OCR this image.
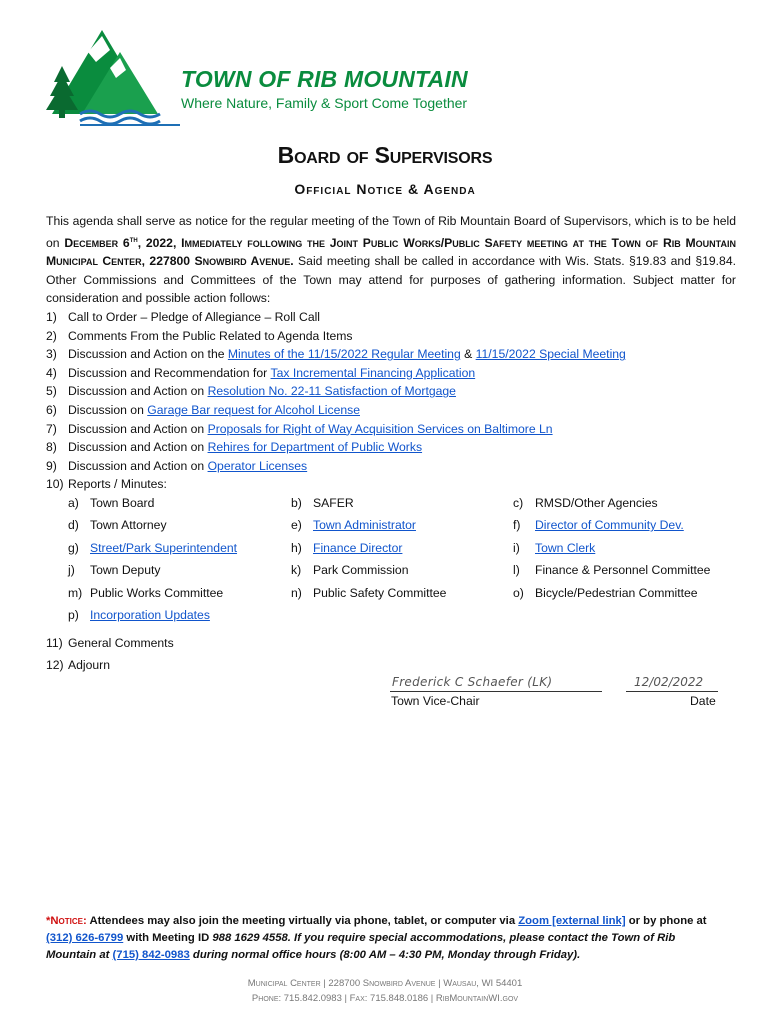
TOWN OF RIB MOUNTAIN
Where Nature, Family & Sport Come Together
Board of Supervisors
Official Notice & Agenda
This agenda shall serve as notice for the regular meeting of the Town of Rib Mountain Board of Supervisors, which is to be held on December 6th, 2022, Immediately following the Joint Public Works/Public Safety meeting at the Town of Rib Mountain Municipal Center, 227800 Snowbird Avenue. Said meeting shall be called in accordance with Wis. Stats. §19.83 and §19.84. Other Commissions and Committees of the Town may attend for purposes of gathering information. Subject matter for consideration and possible action follows:
1) Call to Order – Pledge of Allegiance – Roll Call
2) Comments From the Public Related to Agenda Items
3) Discussion and Action on the Minutes of the 11/15/2022 Regular Meeting & 11/15/2022 Special Meeting
4) Discussion and Recommendation for Tax Incremental Financing Application
5) Discussion and Action on Resolution No. 22-11 Satisfaction of Mortgage
6) Discussion on Garage Bar request for Alcohol License
7) Discussion and Action on Proposals for Right of Way Acquisition Services on Baltimore Ln
8) Discussion and Action on Rehires for Department of Public Works
9) Discussion and Action on Operator Licenses
10) Reports / Minutes:
a) Town Board	b) SAFER	c) RMSD/Other Agencies
d) Town Attorney	e) Town Administrator	f) Director of Community Dev.
g) Street/Park Superintendent	h) Finance Director	i) Town Clerk
j) Town Deputy	k) Park Commission	l) Finance & Personnel Committee
m) Public Works Committee	n) Public Safety Committee	o) Bicycle/Pedestrian Committee
p) Incorporation Updates
11) General Comments
12) Adjourn
Frederick C Schaefer (LK)	12/02/2022
Town Vice-Chair	Date
*Notice: Attendees may also join the meeting virtually via phone, tablet, or computer via Zoom [external link] or by phone at (312) 626-6799 with Meeting ID 988 1629 4558. If you require special accommodations, please contact the Town of Rib Mountain at (715) 842-0983 during normal office hours (8:00 AM – 4:30 PM, Monday through Friday).
Municipal Center | 228700 Snowbird Avenue | Wausau, WI 54401
Phone: 715.842.0983 | Fax: 715.848.0186 | RibMountainWI.gov
